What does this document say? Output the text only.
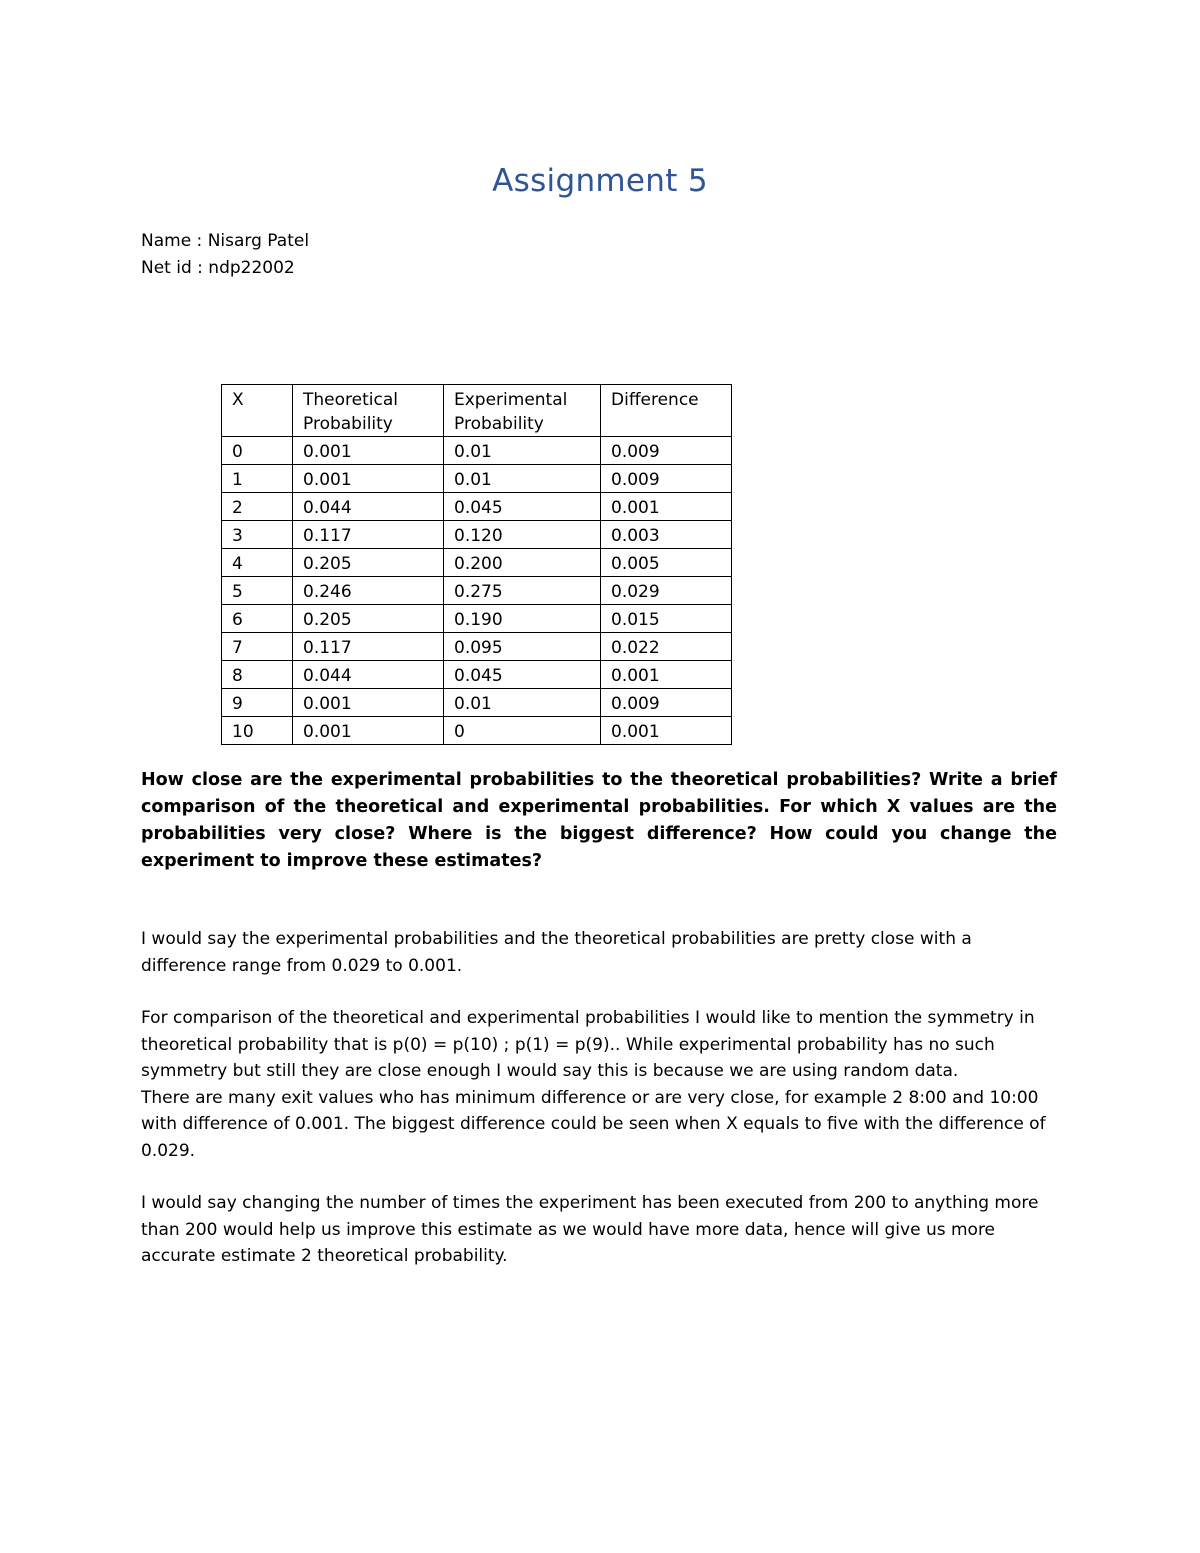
Assignment 5
Name : Nisarg Patel
Net id : ndp22002
X	Theoretical Probability	Experimental Probability	Difference
0	0.001	0.01	0.009
1	0.001	0.01	0.009
2	0.044	0.045	0.001
3	0.117	0.120	0.003
4	0.205	0.200	0.005
5	0.246	0.275	0.029
6	0.205	0.190	0.015
7	0.117	0.095	0.022
8	0.044	0.045	0.001
9	0.001	0.01	0.009
10	0.001	0	0.001
How close are the experimental probabilities to the theoretical probabilities? Write a brief comparison of the theoretical and experimental probabilities. For which X values are the probabilities very close? Where is the biggest difference? How could you change the experiment to improve these estimates?

I would say the experimental probabilities and the theoretical probabilities are pretty close with a difference range from 0.029 to 0.001.

For comparison of the theoretical and experimental probabilities I would like to mention the symmetry in theoretical probability that is p(0) = p(10) ; p(1) = p(9).. While experimental probability has no such symmetry but still they are close enough I would say this is because we are using random data.

There are many exit values who has minimum difference or are very close, for example 2 8:00 and 10:00 with difference of 0.001. The biggest difference could be seen when X equals to five with the difference of 0.029.

I would say changing the number of times the experiment has been executed from 200 to anything more than 200 would help us improve this estimate as we would have more data, hence will give us more accurate estimate 2 theoretical probability.
